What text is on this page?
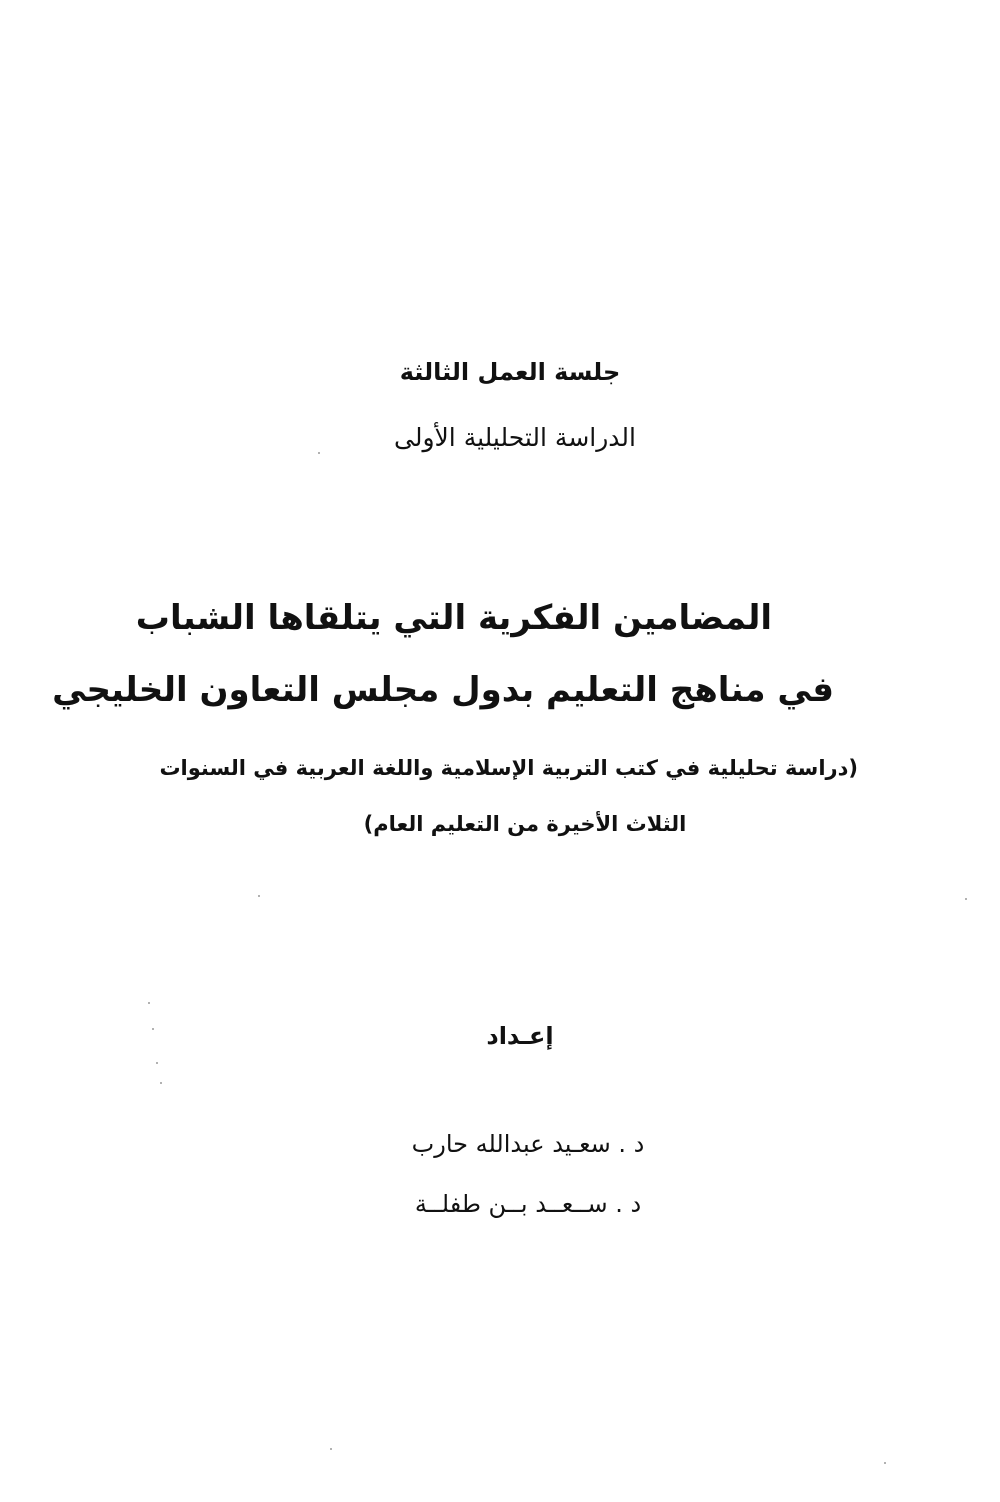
جلسة العمل الثالثة
الدراسة التحليلية الأولى
المضامين الفكرية التي يتلقاها الشباب
في مناهج التعليم بدول مجلس التعاون الخليجي
(دراسة تحليلية في كتب التربية الإسلامية واللغة العربية في السنوات
الثلاث الأخيرة من التعليم العام)
إعـداد
د . سعـيد عبدالله حارب
د . ســعــد بــن طفلــة
